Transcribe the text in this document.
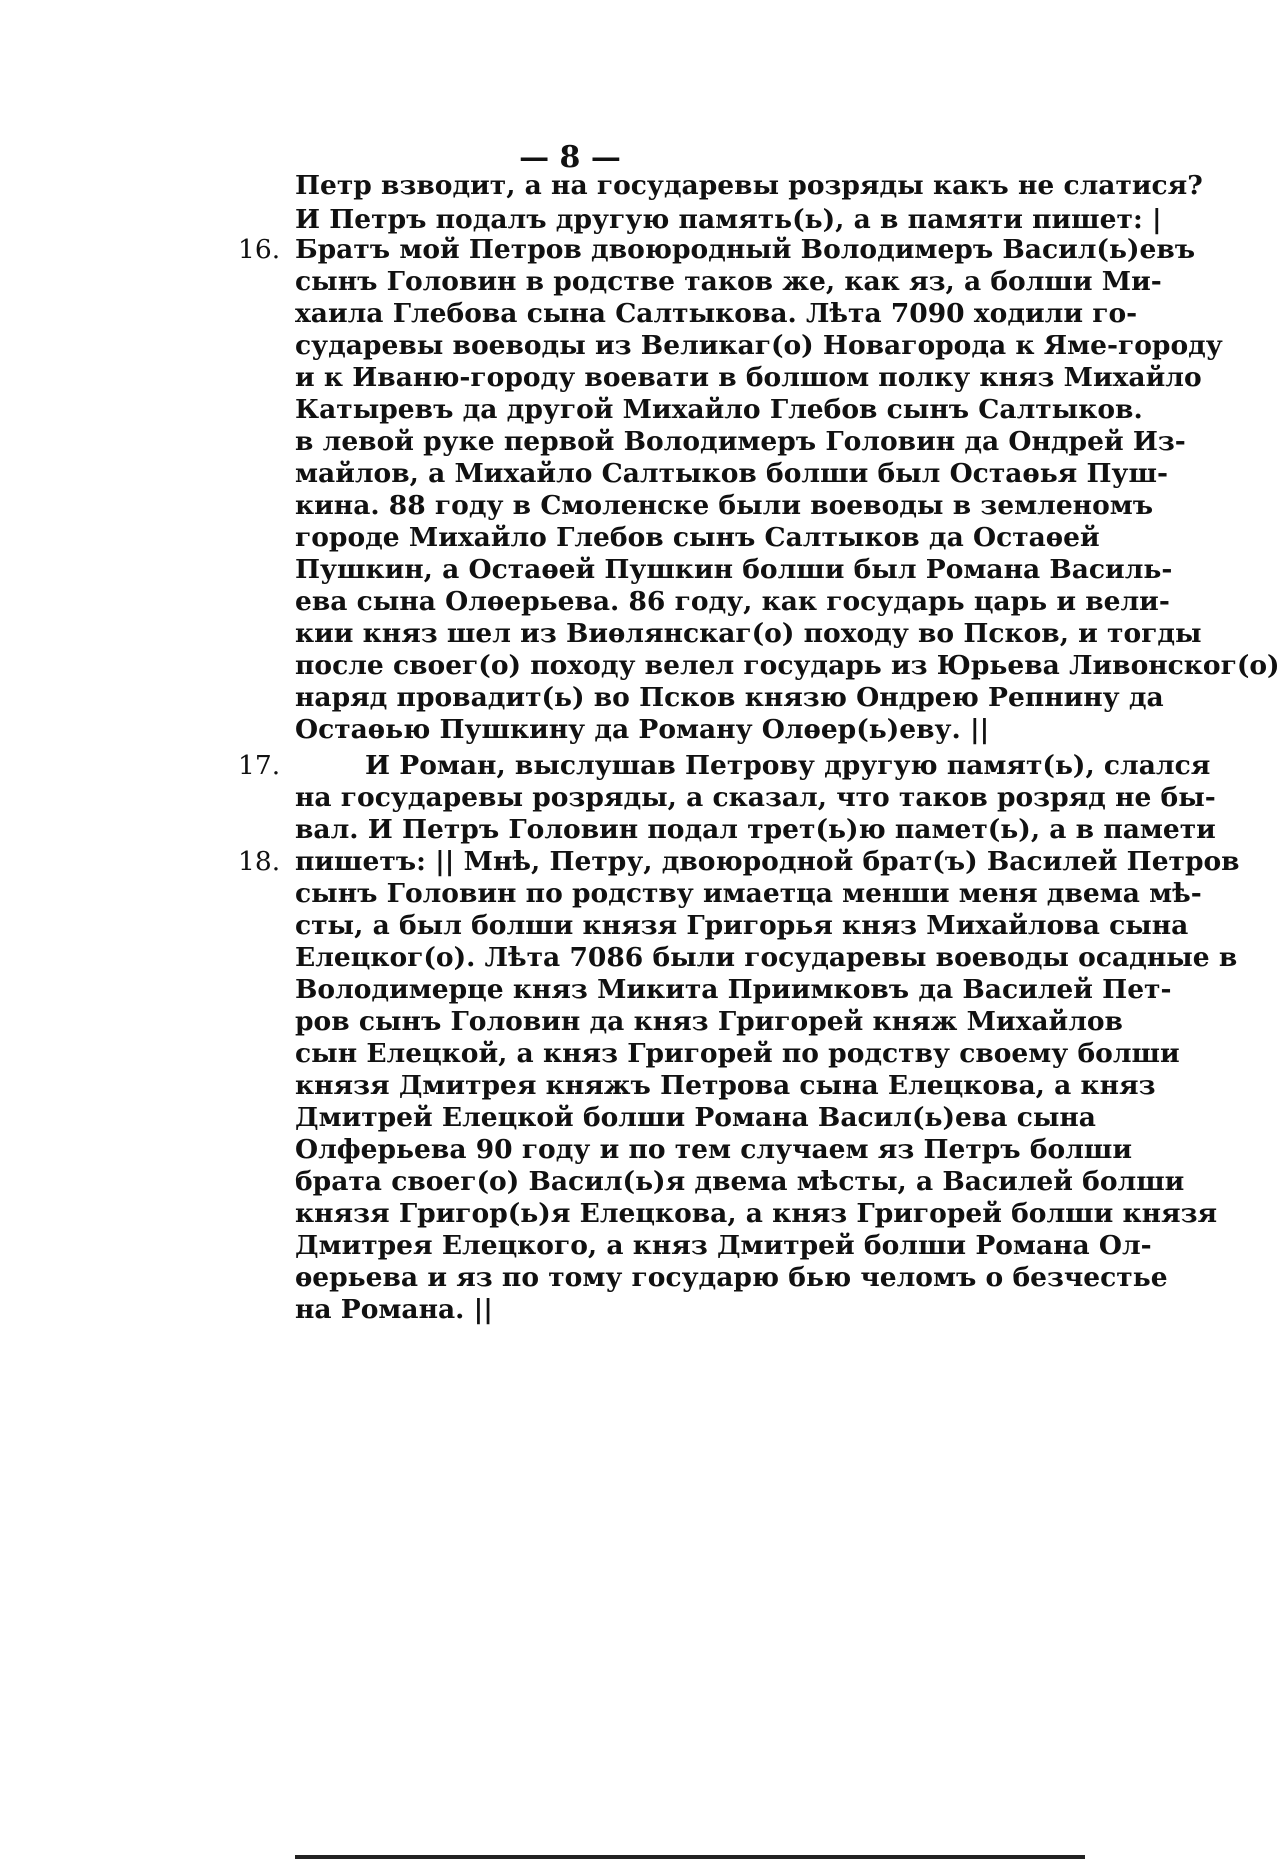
— 8 —
Петр взводит, а на государевы розряды какъ не слатися?
И Петръ подалъ другую память(ь), а в памяти пишет: |
16. Братъ мой Петров двоюродный Володимеръ Васил(ь)евъ
сынъ Головин в родстве таков же, как яз, а болши Ми-
хаила Глебова сына Салтыкова. Лѣта 7090 ходили го-
сударевы воеводы из Великаг(о) Новагорода к Яме-городу
и к Иваню-городу воевати в болшом полку княз Михайло
Катыревъ да другой Михайло Глебов сынъ Салтыков.
в левой руке первой Володимеръ Головин да Ондрей Из-
майлов, а Михайло Салтыков болши был Остаѳья Пуш-
кина. 88 году в Смоленске были воеводы в земленомъ
городе Михайло Глебов сынъ Салтыков да Остаѳей
Пушкин, а Остаѳей Пушкин болши был Романа Василь-
ева сына Олѳерьева. 86 году, как государь царь и вели-
кии княз шел из Виѳлянскаг(о) походу во Псков, и тогды
после своег(о) походу велел государь из Юрьева Ливонског(о)
наряд провадит(ь) во Псков князю Ондрею Репнину да
Остаѳью Пушкину да Роману Олѳер(ь)еву. ||
17.	И Роман, выслушав Петрову другую памят(ь), слался
на государевы розряды, а сказал, что таков розряд не бы-
вал. И Петръ Головин подал трет(ь)ю памет(ь), а в памети
18. пишетъ: || Мнѣ, Петру, двоюродной брат(ъ) Василей Петров
сынъ Головин по родству имаетца менши меня двема мѣ-
сты, а был болши князя Григорья княз Михайлова сына
Елецког(о). Лѣта 7086 были государевы воеводы осадные в
Володимерце княз Микита Приимковъ да Василей Пет-
ров сынъ Головин да княз Григорей княж Михайлов
сын Елецкой, а княз Григорей по родству своему болши
князя Дмитрея княжъ Петрова сына Елецкова, а княз
Дмитрей Елецкой болши Романа Васил(ь)ева сына
Олферьева 90 году и по тем случаем яз Петръ болши
брата своег(о) Васил(ь)я двема мѣсты, а Василей болши
князя Григор(ь)я Елецкова, а княз Григорей болши князя
Дмитрея Елецкого, а княз Дмитрей болши Романа Ол-
ѳерьева и яз по тому государю бью челомъ о безчестье
на Романа. ||
